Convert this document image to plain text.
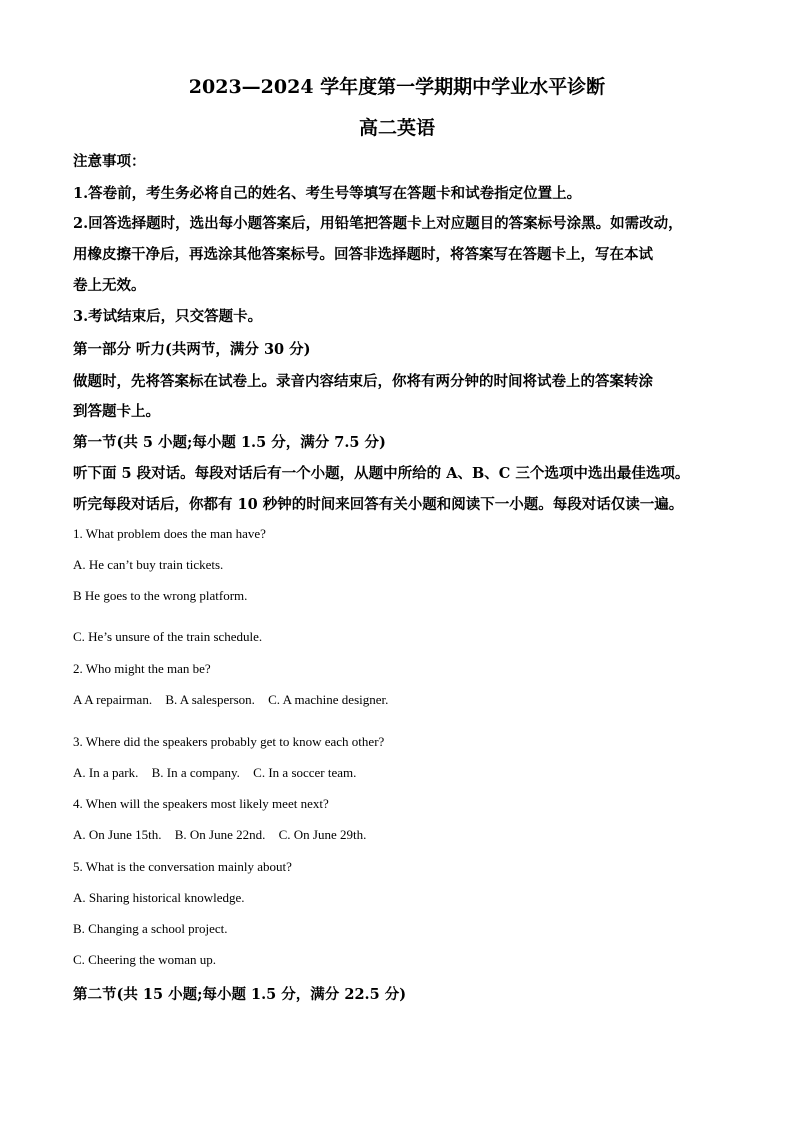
2023—2024 学年度第一学期期中学业水平诊断
高二英语
注意事项：
1.答卷前，考生务必将自己的姓名、考生号等填写在答题卡和试卷指定位置上。
2.回答选择题时，选出每小题答案后，用铅笔把答题卡上对应题目的答案标号涂黑。如需改动，
用橡皮擦干净后，再选涂其他答案标号。回答非选择题时，将答案写在答题卡上，写在本试
卷上无效。
3.考试结束后，只交答题卡。
第一部分 听力(共两节，满分 30 分)
做题时，先将答案标在试卷上。录音内容结束后，你将有两分钟的时间将试卷上的答案转涂
到答题卡上。
第一节(共 5 小题;每小题 1.5 分，满分 7.5 分)
听下面 5 段对话。每段对话后有一个小题，从题中所给的 A、B、C 三个选项中选出最佳选项。
听完每段对话后，你都有 10 秒钟的时间来回答有关小题和阅读下一小题。每段对话仅读一遍。
1. What problem does the man have?
A. He can’t buy train tickets.
B He goes to the wrong platform.
C. He’s unsure of the train schedule.
2. Who might the man be?
A A repairman. B. A salesperson. C. A machine designer.
3. Where did the speakers probably get to know each other?
A. In a park. B. In a company. C. In a soccer team.
4. When will the speakers most likely meet next?
A. On June 15th. B. On June 22nd. C. On June 29th.
5. What is the conversation mainly about?
A. Sharing historical knowledge.
B. Changing a school project.
C. Cheering the woman up.
第二节(共 15 小题;每小题 1.5 分，满分 22.5 分)
